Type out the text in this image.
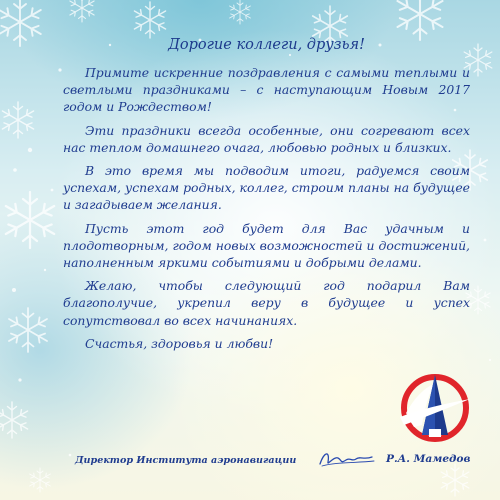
Дорогие коллеги, друзья!

Примите искренние поздравления с самыми теплыми и светлыми праздниками – с наступающим Новым 2017 годом и Рождеством!

Эти праздники всегда особенные, они согревают всех нас теплом домашнего очага, любовью родных и близких.

В это время мы подводим итоги, радуемся своим успехам, успехам родных, коллег, строим планы на будущее и загадываем желания.

Пусть этот год будет для Вас удачным и плодотворным, годом новых возможностей и достижений, наполненным яркими событиями и добрыми делами.

Желаю, чтобы следующий год подарил Вам благополучие, укрепил веру в будущее и успех сопутствовал во всех начинаниях.

Счастья, здоровья и любви!

Директор Института аэронавигации	Р.А. Мамедов
